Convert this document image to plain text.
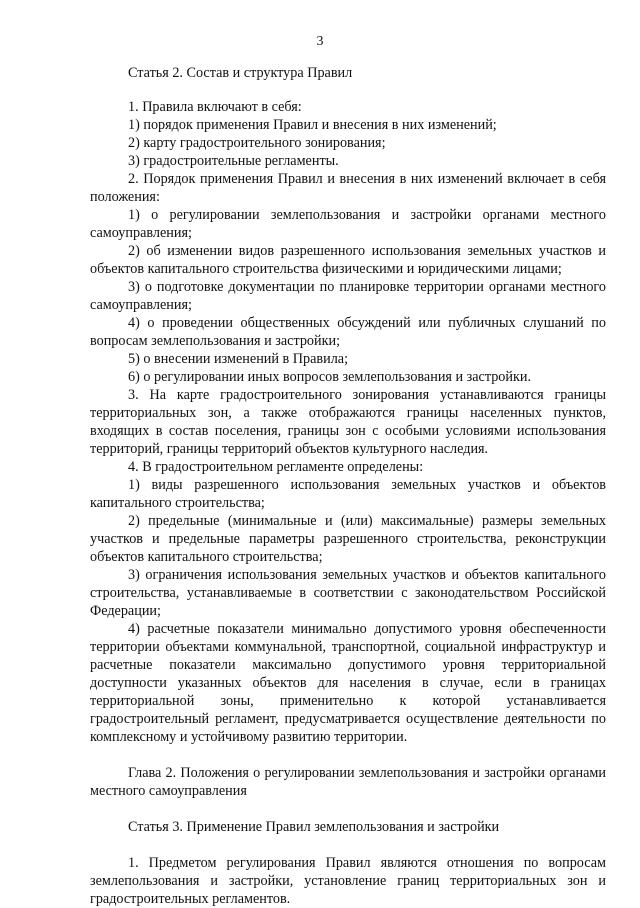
3

Статья 2. Состав и структура Правил

1. Правила включают в себя:

1) порядок применения Правил и внесения в них изменений;

2) карту градостроительного зонирования;

3) градостроительные регламенты.

2. Порядок применения Правил и внесения в них изменений включает в себя положения:

1) о регулировании землепользования и застройки органами местного самоуправления;

2) об изменении видов разрешенного использования земельных участков и объектов капитального строительства физическими и юридическими лицами;

3) о подготовке документации по планировке территории органами местного самоуправления;

4) о проведении общественных обсуждений или публичных слушаний по вопросам землепользования и застройки;

5) о внесении изменений в Правила;

6) о регулировании иных вопросов землепользования и застройки.

3. На карте градостроительного зонирования устанавливаются границы территориальных зон, а также отображаются границы населенных пунктов, входящих в состав поселения, границы зон с особыми условиями использования территорий, границы территорий объектов культурного наследия.

4. В градостроительном регламенте определены:

1) виды разрешенного использования земельных участков и объектов капитального строительства;

2) предельные (минимальные и (или) максимальные) размеры земельных участков и предельные параметры разрешенного строительства, реконструкции объектов капитального строительства;

3) ограничения использования земельных участков и объектов капитального строительства, устанавливаемые в соответствии с законодательством Российской Федерации;

4) расчетные показатели минимально допустимого уровня обеспеченности территории объектами коммунальной, транспортной, социальной инфраструктур и расчетные показатели максимально допустимого уровня территориальной доступности указанных объектов для населения в случае, если в границах территориальной зоны, применительно к которой устанавливается градостроительный регламент, предусматривается осуществление деятельности по комплексному и устойчивому развитию территории.

Глава 2. Положения о регулировании землепользования и застройки органами местного самоуправления

Статья 3. Применение Правил землепользования и застройки

1. Предметом регулирования Правил являются отношения по вопросам землепользования и застройки, установление границ территориальных зон и градостроительных регламентов.
